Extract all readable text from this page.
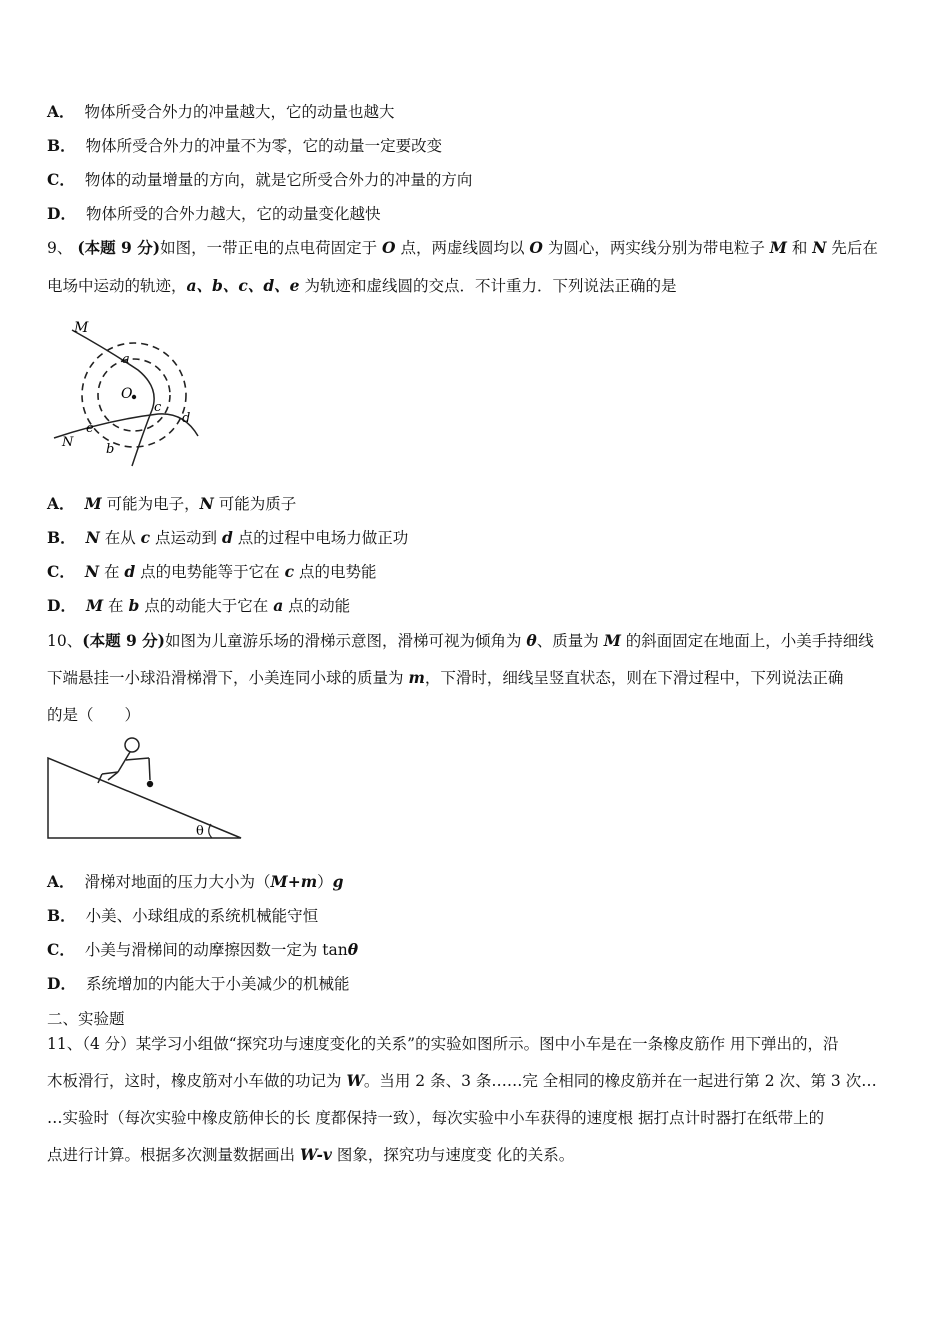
A． 物体所受合外力的冲量越大，它的动量也越大
B． 物体所受合外力的冲量不为零，它的动量一定要改变
C． 物体的动量增量的方向，就是它所受合外力的冲量的方向
D． 物体所受的合外力越大，它的动量变化越快
9、 (本题 9 分)如图，一带正电的点电荷固定于 O 点，两虚线圆均以 O 为圆心，两实线分别为带电粒子 M 和 N 先后在
电场中运动的轨迹，a、b、c、d、e 为轨迹和虚线圆的交点．不计重力．下列说法正确的是
M
N
O
a
b
c
d
e
A． M 可能为电子，N 可能为质子
B． N 在从 c 点运动到 d 点的过程中电场力做正功
C． N 在 d 点的电势能等于它在 c 点的电势能
D． M 在 b 点的动能大于它在 a 点的动能
10、(本题 9 分)如图为儿童游乐场的滑梯示意图，滑梯可视为倾角为 θ、质量为 M 的斜面固定在地面上，小美手持细线
下端悬挂一小球沿滑梯滑下，小美连同小球的质量为 m，下滑时，细线呈竖直状态，则在下滑过程中，下列说法正确
的是（　　）
θ
A． 滑梯对地面的压力大小为（M+m）g
B． 小美、小球组成的系统机械能守恒
C． 小美与滑梯间的动摩擦因数一定为 tanθ
D． 系统增加的内能大于小美减少的机械能
二、实验题
11、（4 分）某学习小组做“探究功与速度变化的关系”的实验如图所示。图中小车是在一条橡皮筋作 用下弹出的，沿
木板滑行，这时，橡皮筋对小车做的功记为 W。当用 2 条、3 条……完 全相同的橡皮筋并在一起进行第 2 次、第 3 次…
…实验时（每次实验中橡皮筋伸长的长 度都保持一致），每次实验中小车获得的速度根 据打点计时器打在纸带上的
点进行计算。根据多次测量数据画出 W-v 图象，探究功与速度变 化的关系。
